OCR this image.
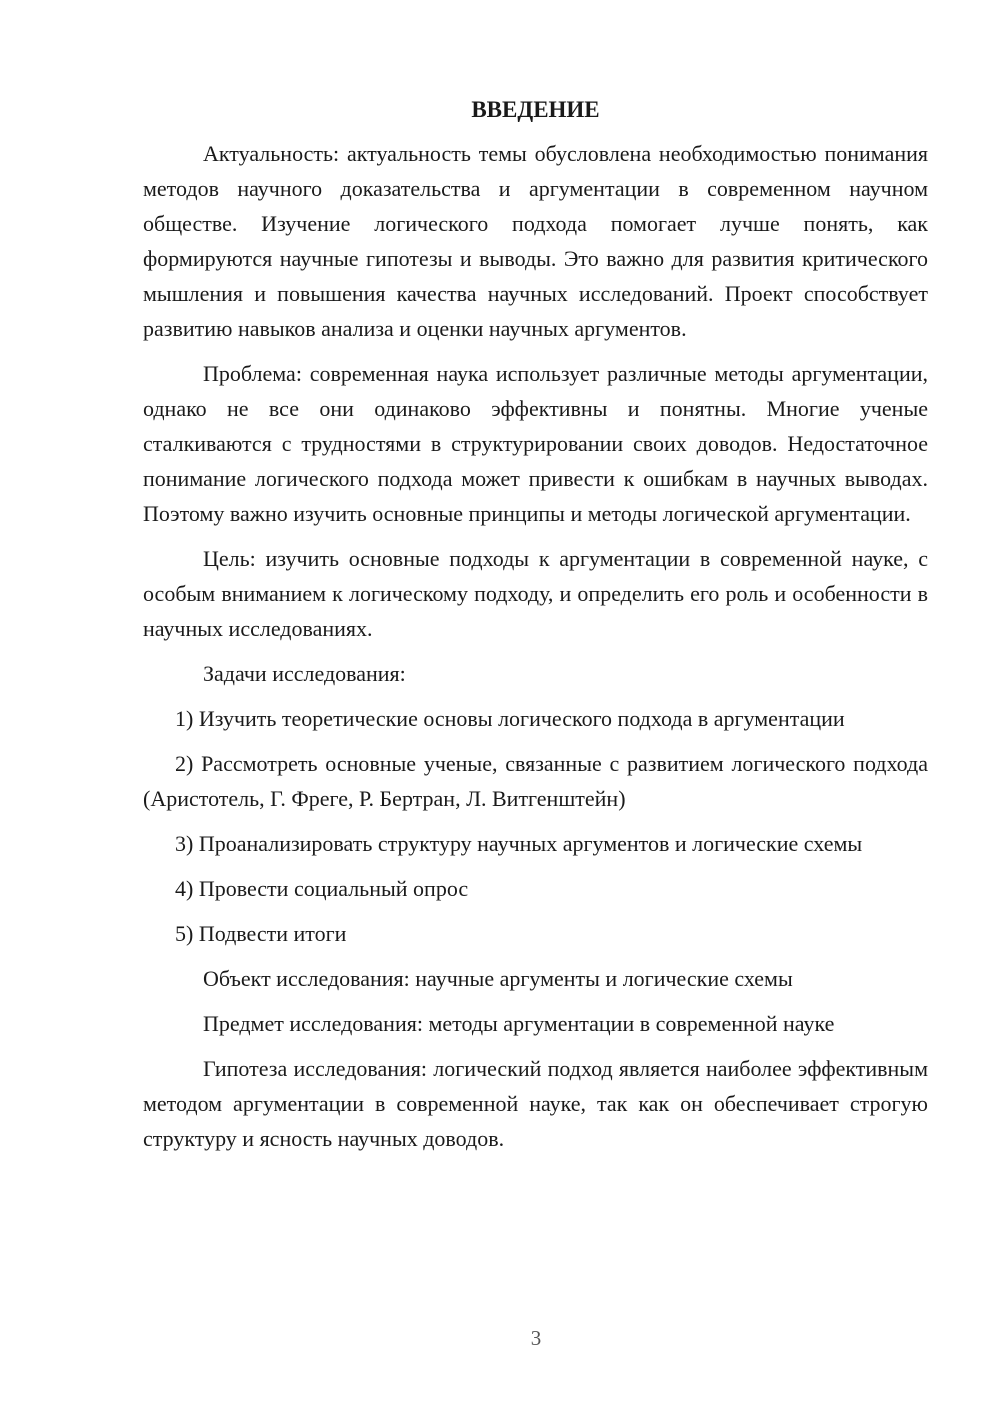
ВВЕДЕНИЕ

Актуальность: актуальность темы обусловлена необходимостью понимания методов научного доказательства и аргументации в современном научном обществе. Изучение логического подхода помогает лучше понять, как формируются научные гипотезы и выводы. Это важно для развития критического мышления и повышения качества научных исследований. Проект способствует развитию навыков анализа и оценки научных аргументов.

Проблема: современная наука использует различные методы аргументации, однако не все они одинаково эффективны и понятны. Многие ученые сталкиваются с трудностями в структурировании своих доводов. Недостаточное понимание логического подхода может привести к ошибкам в научных выводах. Поэтому важно изучить основные принципы и методы логической аргументации.

Цель: изучить основные подходы к аргументации в современной науке, с особым вниманием к логическому подходу, и определить его роль и особенности в научных исследованиях.

Задачи исследования:

1) Изучить теоретические основы логического подхода в аргументации

2) Рассмотреть основные ученые, связанные с развитием логического подхода (Аристотель, Г. Фреге, Р. Бертран, Л. Витгенштейн)

3) Проанализировать структуру научных аргументов и логические схемы

4) Провести социальный опрос

5) Подвести итоги

Объект исследования: научные аргументы и логические схемы

Предмет исследования: методы аргументации в современной науке

Гипотеза исследования: логический подход является наиболее эффективным методом аргументации в современной науке, так как он обеспечивает строгую структуру и ясность научных доводов.

3
